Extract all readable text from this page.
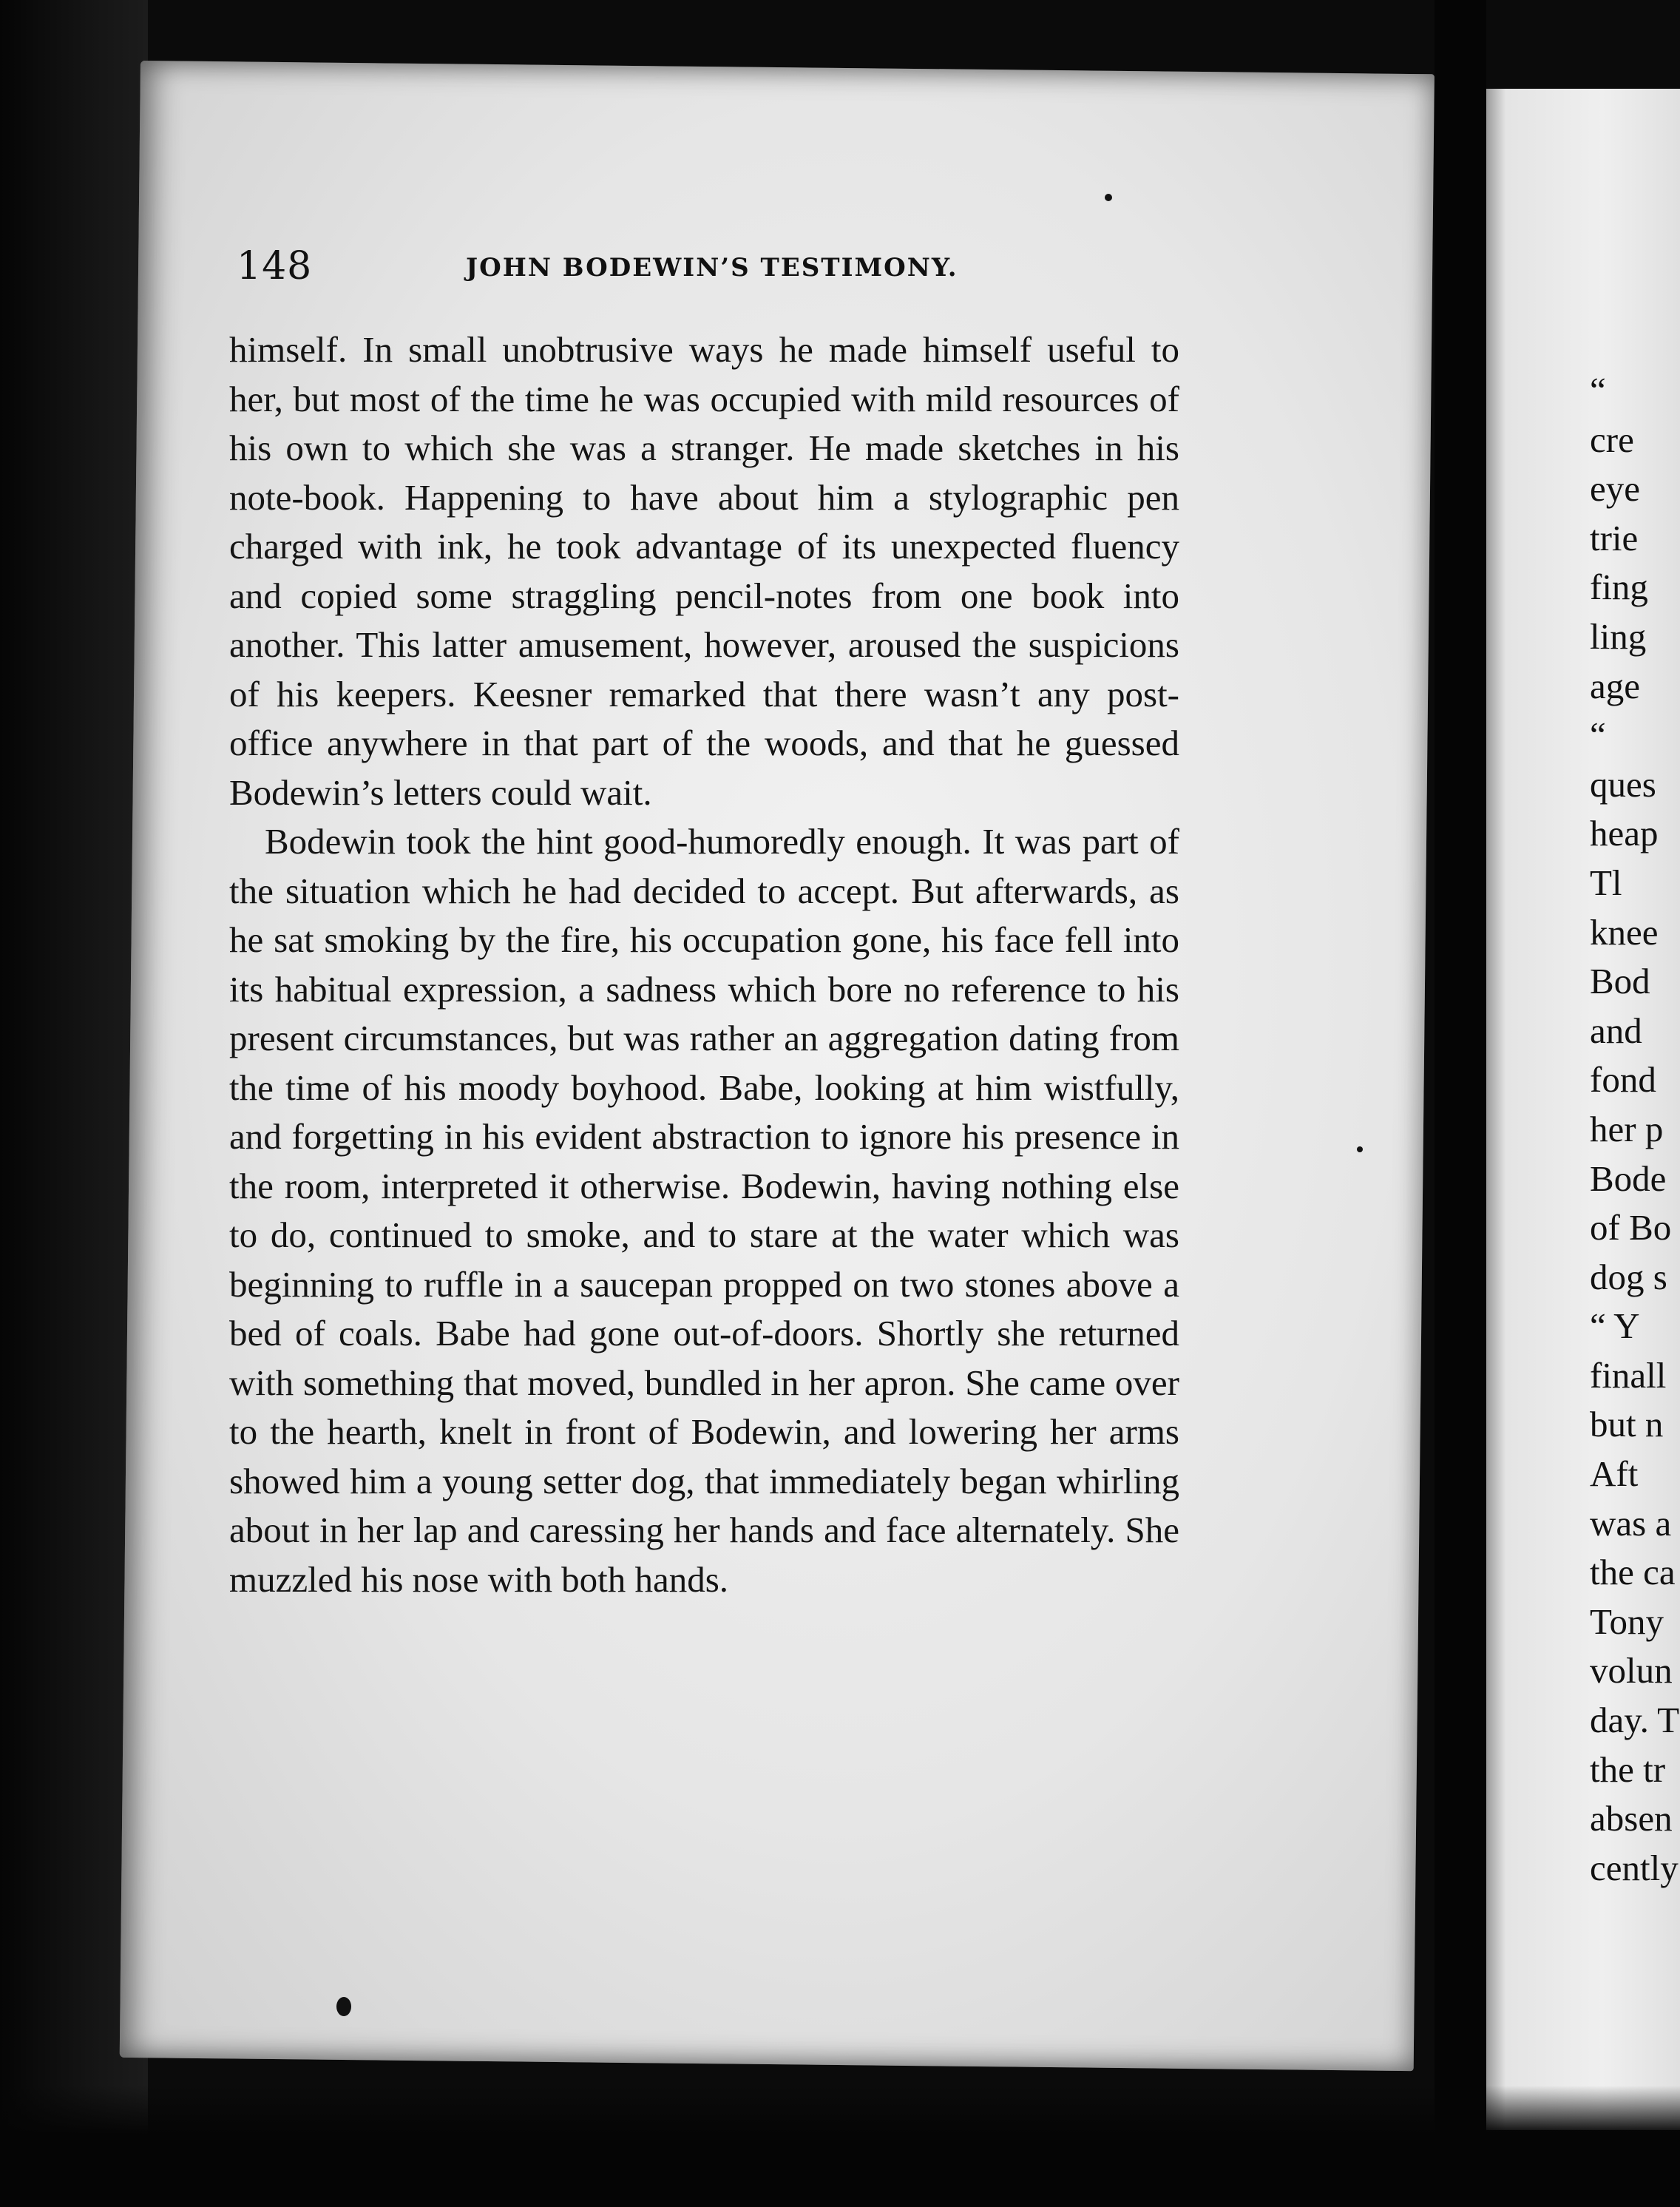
148	JOHN BODEWIN’S TESTIMONY.

himself. In small unobtrusive ways he made himself useful to her, but most of the time he was occupied with mild resources of his own to which she was a stranger. He made sketches in his note-book. Happening to have about him a stylographic pen charged with ink, he took advantage of its unexpected fluency and copied some straggling pencil-notes from one book into another. This latter amusement, however, aroused the suspicions of his keepers. Keesner remarked that there wasn’t any post-office anywhere in that part of the woods, and that he guessed Bodewin’s letters could wait.

Bodewin took the hint good-humoredly enough. It was part of the situation which he had decided to accept. But afterwards, as he sat smoking by the fire, his occupation gone, his face fell into its habitual expression, a sadness which bore no reference to his present circumstances, but was rather an aggregation dating from the time of his moody boyhood. Babe, looking at him wistfully, and forgetting in his evident abstraction to ignore his presence in the room, interpreted it otherwise. Bodewin, having nothing else to do, continued to smoke, and to stare at the water which was beginning to ruffle in a saucepan propped on two stones above a bed of coals. Babe had gone out-of-doors. Shortly she returned with something that moved, bundled in her apron. She came over to the hearth, knelt in front of Bodewin, and lowering her arms showed him a young setter dog, that immediately began whirling about in her lap and caressing her hands and face alternately. She muzzled his nose with both hands.

“
cre
eye
trie
fing
ling
age
“
ques
heap
Tl
knee
Bod
and
fond
her p
Bode
of Bo
dog s
“ Y
finall
but n
Aft
was a
the ca
Tony
volun
day. T
the tr
absen
cently
